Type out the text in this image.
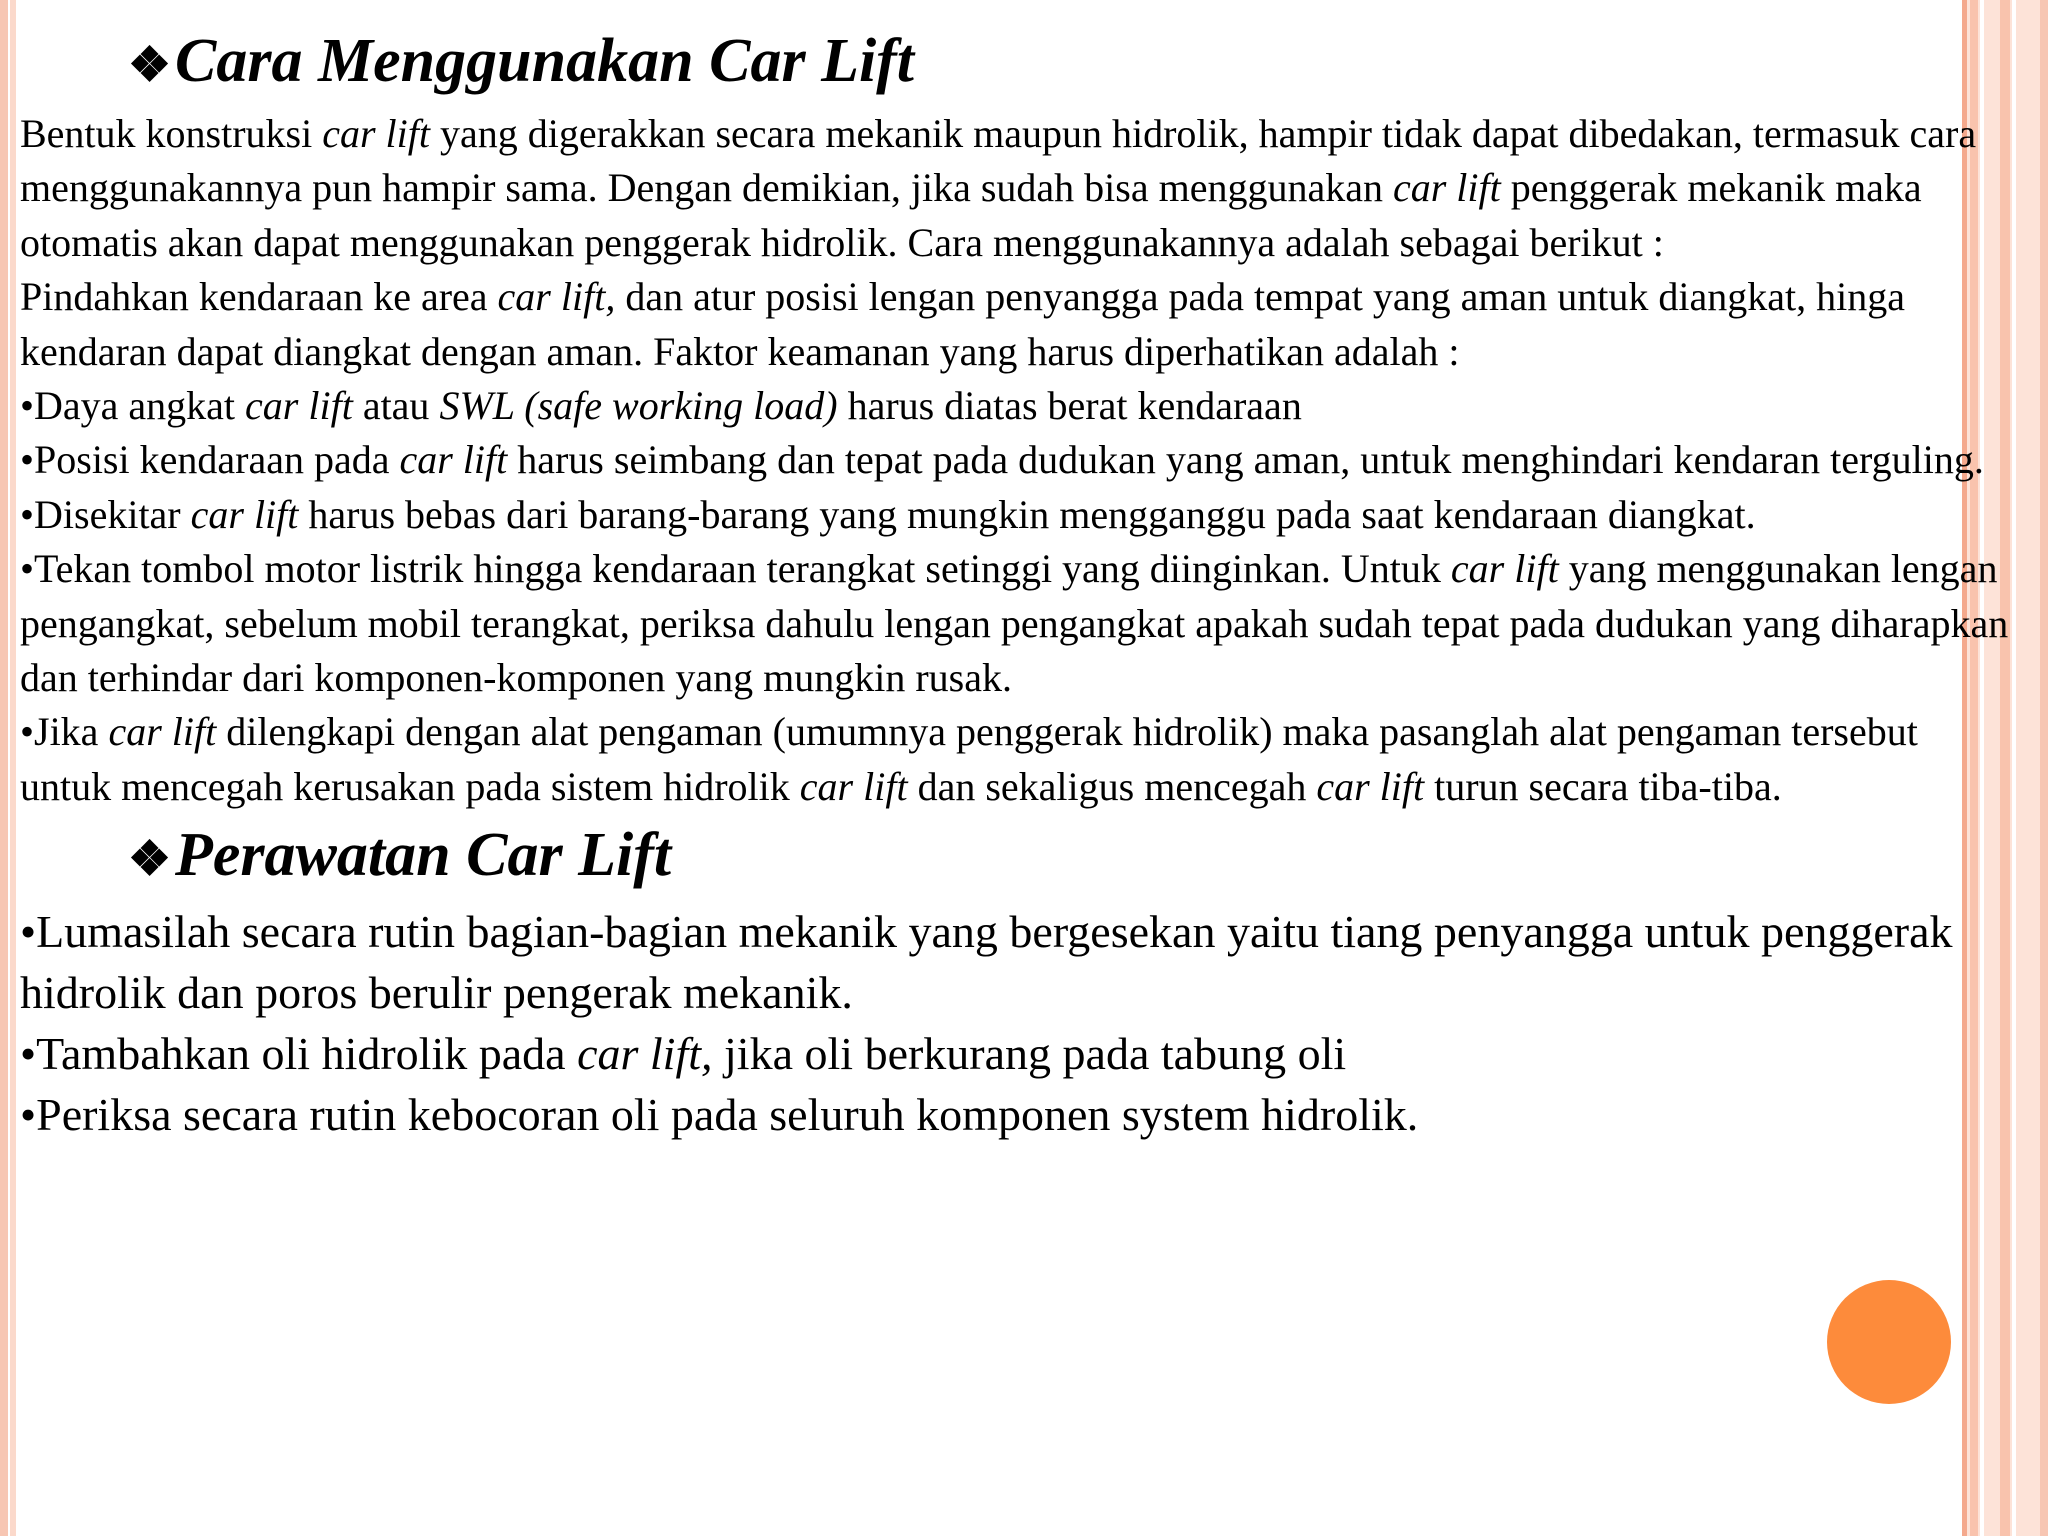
❖Cara Menggunakan Car Lift

Bentuk konstruksi car lift yang digerakkan secara mekanik maupun hidrolik, hampir tidak dapat dibedakan, termasuk cara menggunakannya pun hampir sama. Dengan demikian, jika sudah bisa menggunakan car lift penggerak mekanik maka otomatis akan dapat menggunakan penggerak hidrolik. Cara menggunakannya adalah sebagai berikut :

Pindahkan kendaraan ke area car lift, dan atur posisi lengan penyangga pada tempat yang aman untuk diangkat, hinga kendaran dapat diangkat dengan aman. Faktor keamanan yang harus diperhatikan adalah :

•Daya angkat car lift atau SWL (safe working load) harus diatas berat kendaraan

•Posisi kendaraan pada car lift harus seimbang dan tepat pada dudukan yang aman, untuk menghindari kendaran terguling.

•Disekitar car lift harus bebas dari barang-barang yang mungkin mengganggu pada saat kendaraan diangkat.

•Tekan tombol motor listrik hingga kendaraan terangkat setinggi yang diinginkan. Untuk car lift yang menggunakan lengan pengangkat, sebelum mobil terangkat, periksa dahulu lengan pengangkat apakah sudah tepat pada dudukan yang diharapkan dan terhindar dari komponen-komponen yang mungkin rusak.

•Jika car lift dilengkapi dengan alat pengaman (umumnya penggerak hidrolik) maka pasanglah alat pengaman tersebut untuk mencegah kerusakan pada sistem hidrolik car lift dan sekaligus mencegah car lift turun secara tiba-tiba.

❖Perawatan Car Lift

•Lumasilah secara rutin bagian-bagian mekanik yang bergesekan yaitu tiang penyangga untuk penggerak hidrolik dan poros berulir pengerak mekanik.

•Tambahkan oli hidrolik pada car lift, jika oli berkurang pada tabung oli

•Periksa secara rutin kebocoran oli pada seluruh komponen system hidrolik.
